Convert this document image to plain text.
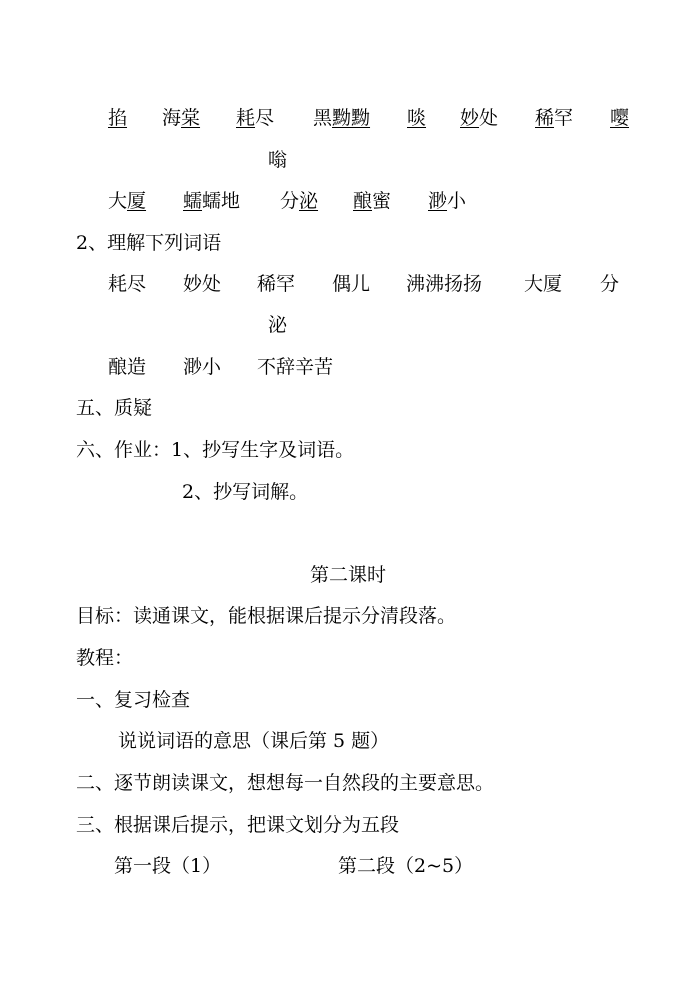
掐 海棠 耗尽 黑黝黝 啖 妙处 稀罕 嘤
嗡
大厦 蠕蠕地 分泌 酿蜜 渺小
2、理解下列词语
耗尽 妙处 稀罕 偶儿 沸沸扬扬 大厦 分
泌
酿造 渺小 不辞辛苦
五、质疑
六、作业：1、抄写生字及词语。
2、抄写词解。
第二课时
目标：读通课文，能根据课后提示分清段落。
教程：
一、复习检查
说说词语的意思（课后第 5 题）
二、逐节朗读课文，想想每一自然段的主要意思。
三、根据课后提示，把课文划分为五段
第一段（1）	第二段（2~5）
